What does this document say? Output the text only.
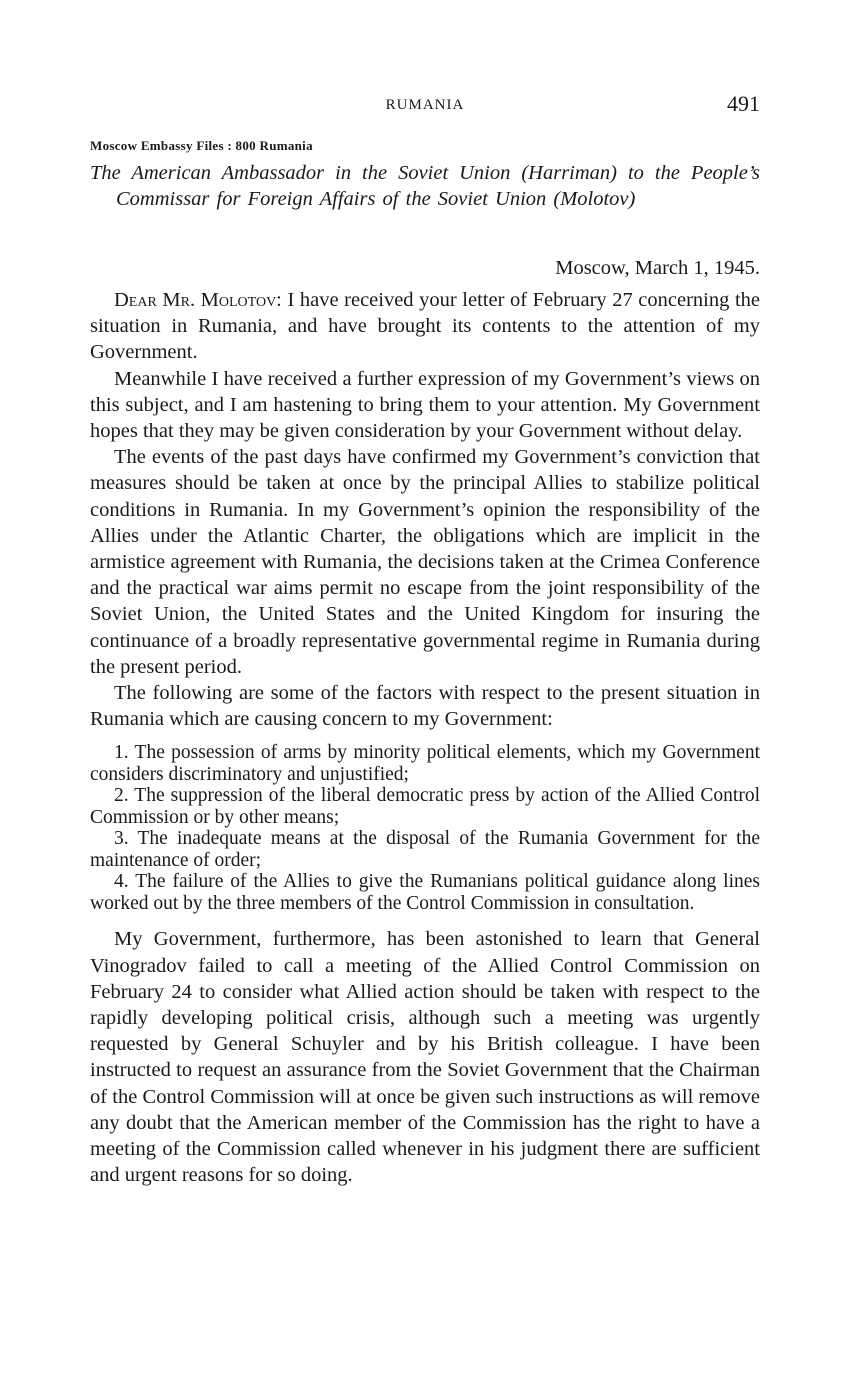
RUMANIA	491
Moscow Embassy Files : 800 Rumania
The American Ambassador in the Soviet Union (Harriman) to the People’s Commissar for Foreign Affairs of the Soviet Union (Molotov)
Moscow, March 1, 1945.

Dear Mr. Molotov: I have received your letter of February 27 concerning the situation in Rumania, and have brought its contents to the attention of my Government.

Meanwhile I have received a further expression of my Government’s views on this subject, and I am hastening to bring them to your attention. My Government hopes that they may be given consideration by your Government without delay.

The events of the past days have confirmed my Government’s conviction that measures should be taken at once by the principal Allies to stabilize political conditions in Rumania. In my Government’s opinion the responsibility of the Allies under the Atlantic Charter, the obligations which are implicit in the armistice agreement with Rumania, the decisions taken at the Crimea Conference and the practical war aims permit no escape from the joint responsibility of the Soviet Union, the United States and the United Kingdom for insuring the continuance of a broadly representative governmental regime in Rumania during the present period.

The following are some of the factors with respect to the present situation in Rumania which are causing concern to my Government:

1. The possession of arms by minority political elements, which my Government considers discriminatory and unjustified;
2. The suppression of the liberal democratic press by action of the Allied Control Commission or by other means;
3. The inadequate means at the disposal of the Rumania Government for the maintenance of order;
4. The failure of the Allies to give the Rumanians political guidance along lines worked out by the three members of the Control Commission in consultation.

My Government, furthermore, has been astonished to learn that General Vinogradov failed to call a meeting of the Allied Control Commission on February 24 to consider what Allied action should be taken with respect to the rapidly developing political crisis, although such a meeting was urgently requested by General Schuyler and by his British colleague. I have been instructed to request an assurance from the Soviet Government that the Chairman of the Control Commission will at once be given such instructions as will remove any doubt that the American member of the Commission has the right to have a meeting of the Commission called whenever in his judgment there are sufficient and urgent reasons for so doing.
